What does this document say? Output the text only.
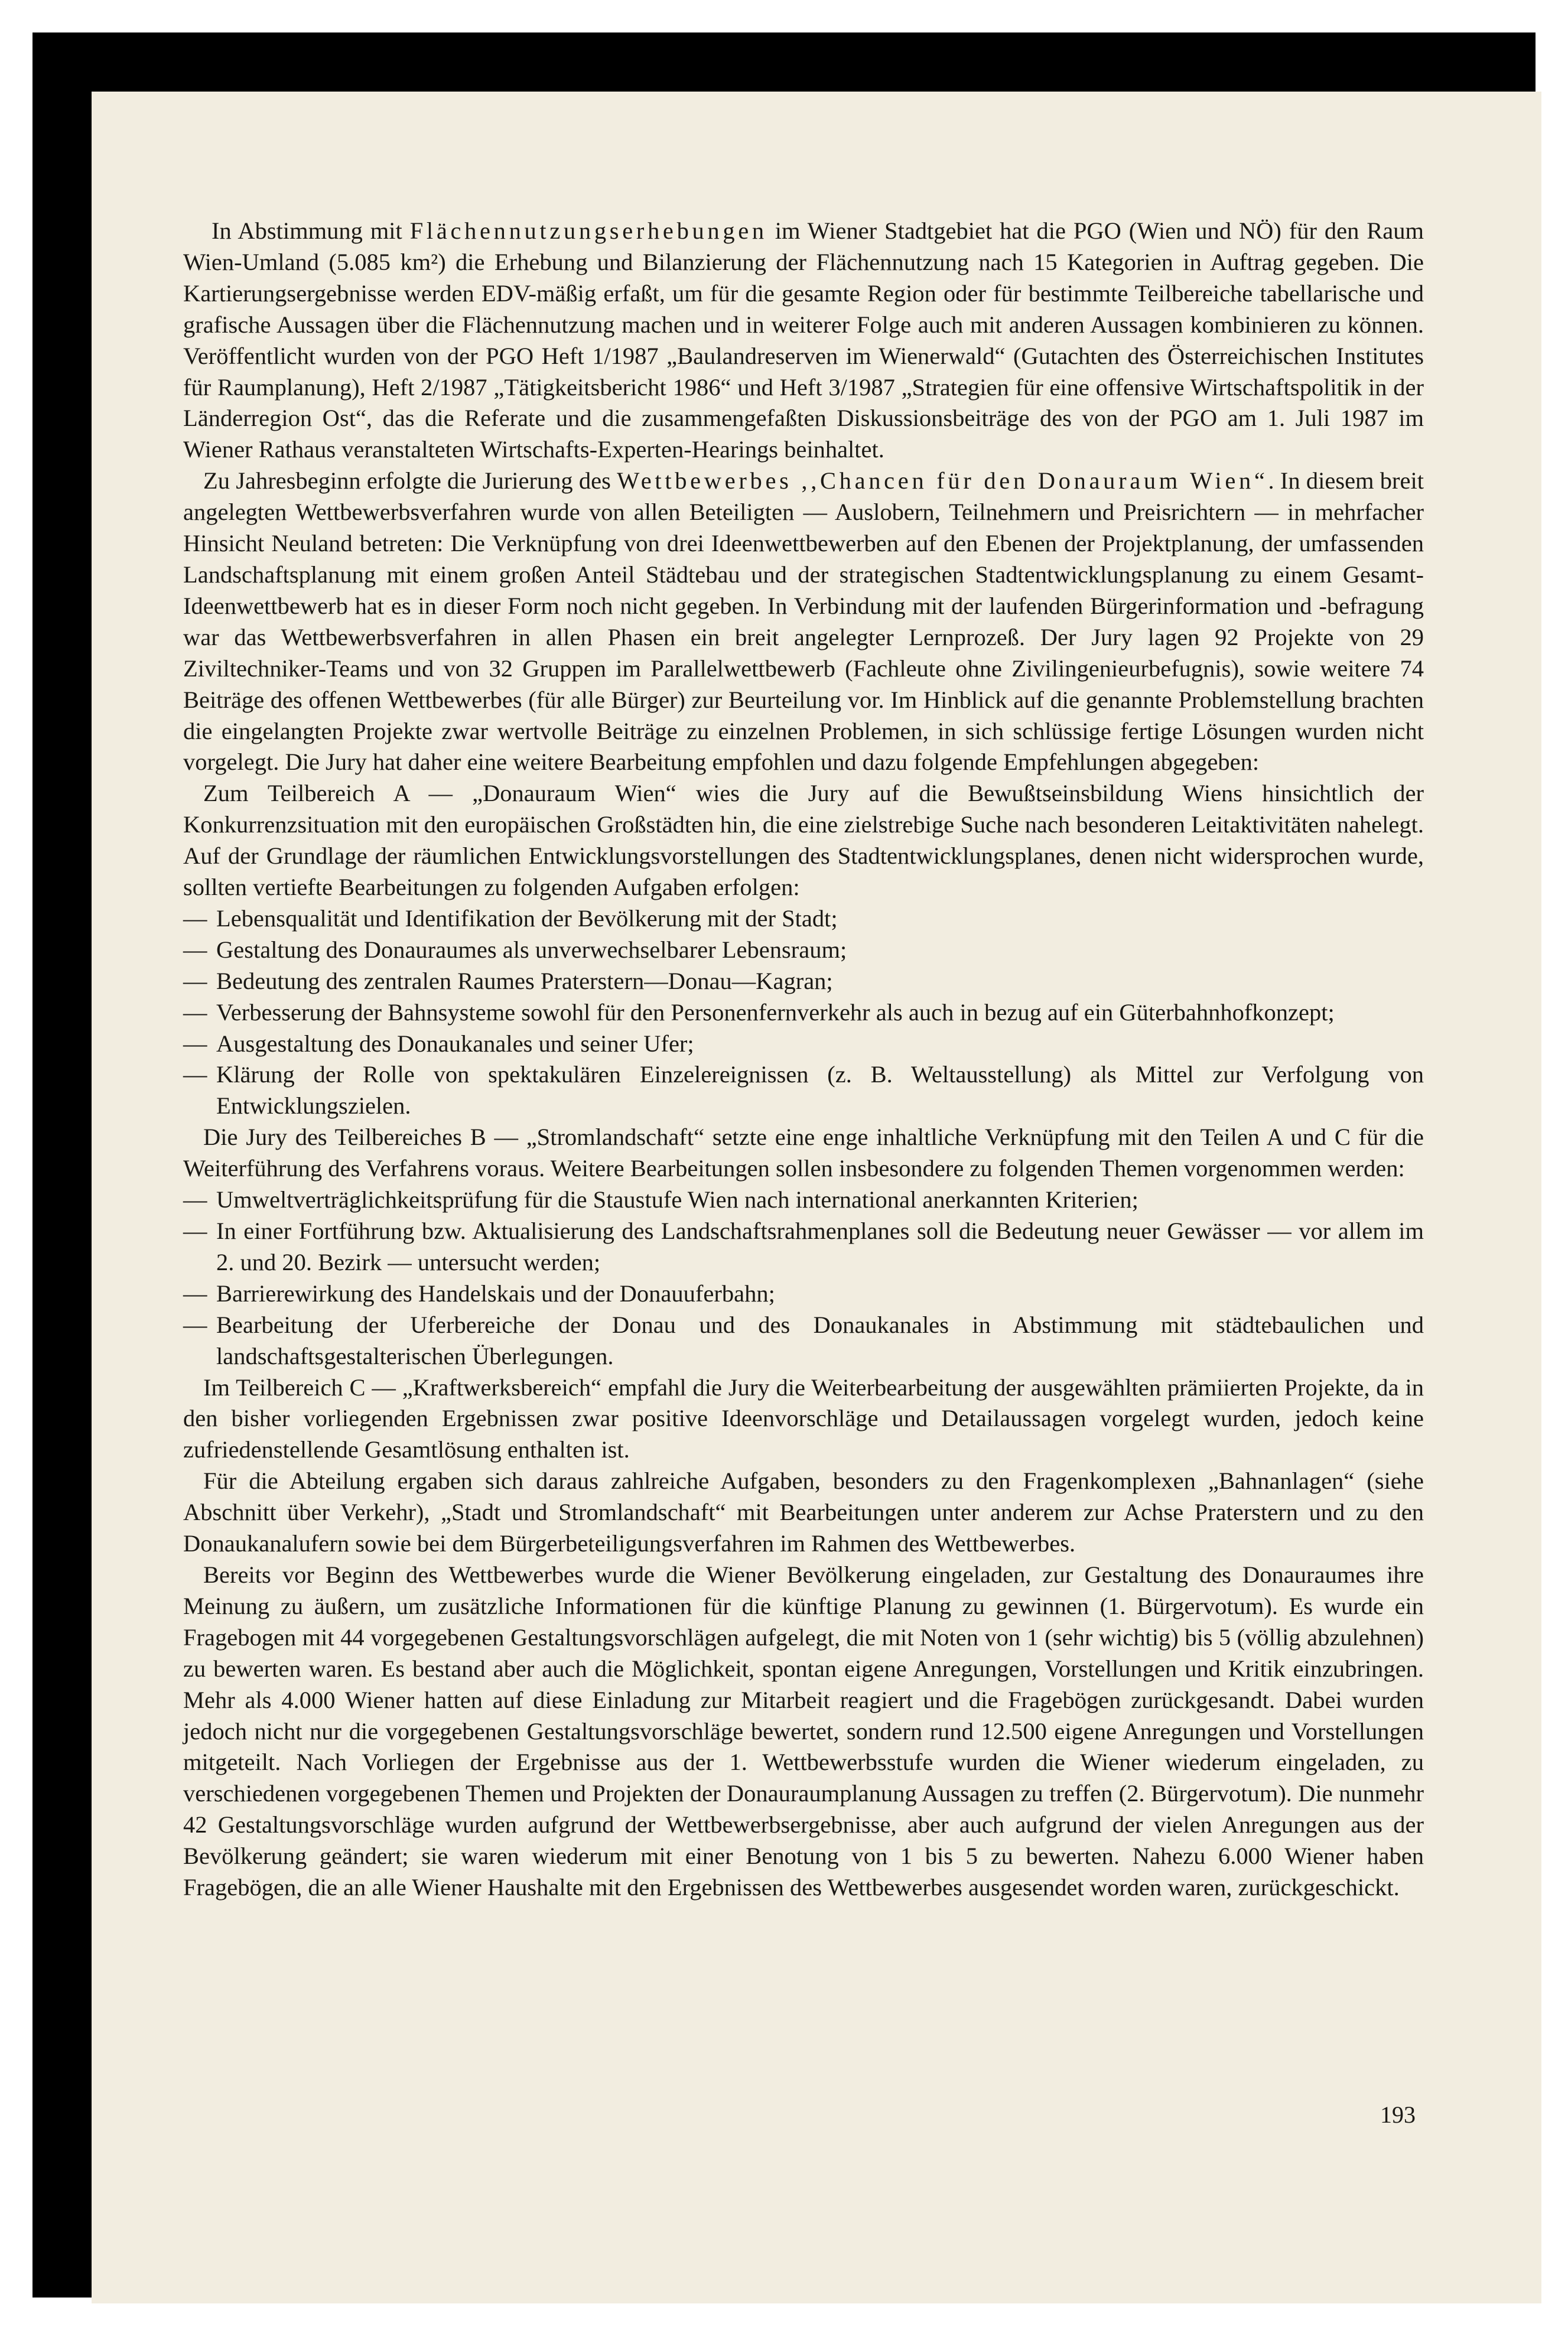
In Abstimmung mit Flächennutzungserhebungen im Wiener Stadtgebiet hat die PGO (Wien und NÖ) für den Raum Wien-Umland (5.085 km²) die Erhebung und Bilanzierung der Flächennutzung nach 15 Kategorien in Auftrag gegeben. Die Kartierungsergebnisse werden EDV-mäßig erfaßt, um für die gesamte Region oder für bestimmte Teilbereiche tabellarische und grafische Aussagen über die Flächennutzung machen und in weiterer Folge auch mit anderen Aussagen kombinieren zu können. Veröffentlicht wurden von der PGO Heft 1/1987 „Baulandreserven im Wienerwald“ (Gutachten des Österreichischen Institutes für Raumplanung), Heft 2/1987 „Tätigkeitsbericht 1986“ und Heft 3/1987 „Strategien für eine offensive Wirtschaftspolitik in der Länderregion Ost“, das die Referate und die zusammengefaßten Diskussionsbeiträge des von der PGO am 1. Juli 1987 im Wiener Rathaus veranstalteten Wirtschafts-Experten-Hearings beinhaltet.

Zu Jahresbeginn erfolgte die Jurierung des Wettbewerbes ,,Chancen für den Donauraum Wien“. In diesem breit angelegten Wettbewerbsverfahren wurde von allen Beteiligten — Auslobern, Teilnehmern und Preisrichtern — in mehrfacher Hinsicht Neuland betreten: Die Verknüpfung von drei Ideenwettbewerben auf den Ebenen der Projektplanung, der umfassenden Landschaftsplanung mit einem großen Anteil Städtebau und der strategischen Stadtentwicklungsplanung zu einem Gesamt-Ideenwettbewerb hat es in dieser Form noch nicht gegeben. In Verbindung mit der laufenden Bürgerinformation und -befragung war das Wettbewerbsverfahren in allen Phasen ein breit angelegter Lernprozeß. Der Jury lagen 92 Projekte von 29 Ziviltechniker-Teams und von 32 Gruppen im Parallelwettbewerb (Fachleute ohne Zivilingenieurbefugnis), sowie weitere 74 Beiträge des offenen Wettbewerbes (für alle Bürger) zur Beurteilung vor. Im Hinblick auf die genannte Problemstellung brachten die eingelangten Projekte zwar wertvolle Beiträge zu einzelnen Problemen, in sich schlüssige fertige Lösungen wurden nicht vorgelegt. Die Jury hat daher eine weitere Bearbeitung empfohlen und dazu folgende Empfehlungen abgegeben:

Zum Teilbereich A — „Donauraum Wien“ wies die Jury auf die Bewußtseinsbildung Wiens hinsichtlich der Konkurrenzsituation mit den europäischen Großstädten hin, die eine zielstrebige Suche nach besonderen Leitaktivitäten nahelegt. Auf der Grundlage der räumlichen Entwicklungsvorstellungen des Stadtentwicklungsplanes, denen nicht widersprochen wurde, sollten vertiefte Bearbeitungen zu folgenden Aufgaben erfolgen:

— Lebensqualität und Identifikation der Bevölkerung mit der Stadt;
— Gestaltung des Donauraumes als unverwechselbarer Lebensraum;
— Bedeutung des zentralen Raumes Praterstern—Donau—Kagran;
— Verbesserung der Bahnsysteme sowohl für den Personenfernverkehr als auch in bezug auf ein Güterbahnhofkonzept;
— Ausgestaltung des Donaukanales und seiner Ufer;
— Klärung der Rolle von spektakulären Einzelereignissen (z. B. Weltausstellung) als Mittel zur Verfolgung von Entwicklungszielen.

Die Jury des Teilbereiches B — „Stromlandschaft“ setzte eine enge inhaltliche Verknüpfung mit den Teilen A und C für die Weiterführung des Verfahrens voraus. Weitere Bearbeitungen sollen insbesondere zu folgenden Themen vorgenommen werden:

— Umweltverträglichkeitsprüfung für die Staustufe Wien nach international anerkannten Kriterien;
— In einer Fortführung bzw. Aktualisierung des Landschaftsrahmenplanes soll die Bedeutung neuer Gewässer — vor allem im 2. und 20. Bezirk — untersucht werden;
— Barrierewirkung des Handelskais und der Donauuferbahn;
— Bearbeitung der Uferbereiche der Donau und des Donaukanales in Abstimmung mit städtebaulichen und landschaftsgestalterischen Überlegungen.

Im Teilbereich C — „Kraftwerksbereich“ empfahl die Jury die Weiterbearbeitung der ausgewählten prämiierten Projekte, da in den bisher vorliegenden Ergebnissen zwar positive Ideenvorschläge und Detailaussagen vorgelegt wurden, jedoch keine zufriedenstellende Gesamtlösung enthalten ist.

Für die Abteilung ergaben sich daraus zahlreiche Aufgaben, besonders zu den Fragenkomplexen „Bahnanlagen“ (siehe Abschnitt über Verkehr), „Stadt und Stromlandschaft“ mit Bearbeitungen unter anderem zur Achse Praterstern und zu den Donaukanalufern sowie bei dem Bürgerbeteiligungsverfahren im Rahmen des Wettbewerbes.

Bereits vor Beginn des Wettbewerbes wurde die Wiener Bevölkerung eingeladen, zur Gestaltung des Donauraumes ihre Meinung zu äußern, um zusätzliche Informationen für die künftige Planung zu gewinnen (1. Bürgervotum). Es wurde ein Fragebogen mit 44 vorgegebenen Gestaltungsvorschlägen aufgelegt, die mit Noten von 1 (sehr wichtig) bis 5 (völlig abzulehnen) zu bewerten waren. Es bestand aber auch die Möglichkeit, spontan eigene Anregungen, Vorstellungen und Kritik einzubringen. Mehr als 4.000 Wiener hatten auf diese Einladung zur Mitarbeit reagiert und die Fragebögen zurückgesandt. Dabei wurden jedoch nicht nur die vorgegebenen Gestaltungsvorschläge bewertet, sondern rund 12.500 eigene Anregungen und Vorstellungen mitgeteilt. Nach Vorliegen der Ergebnisse aus der 1. Wettbewerbsstufe wurden die Wiener wiederum eingeladen, zu verschiedenen vorgegebenen Themen und Projekten der Donauraumplanung Aussagen zu treffen (2. Bürgervotum). Die nunmehr 42 Gestaltungsvorschläge wurden aufgrund der Wettbewerbsergebnisse, aber auch aufgrund der vielen Anregungen aus der Bevölkerung geändert; sie waren wiederum mit einer Benotung von 1 bis 5 zu bewerten. Nahezu 6.000 Wiener haben Fragebögen, die an alle Wiener Haushalte mit den Ergebnissen des Wettbewerbes ausgesendet worden waren, zurückgeschickt.

193
